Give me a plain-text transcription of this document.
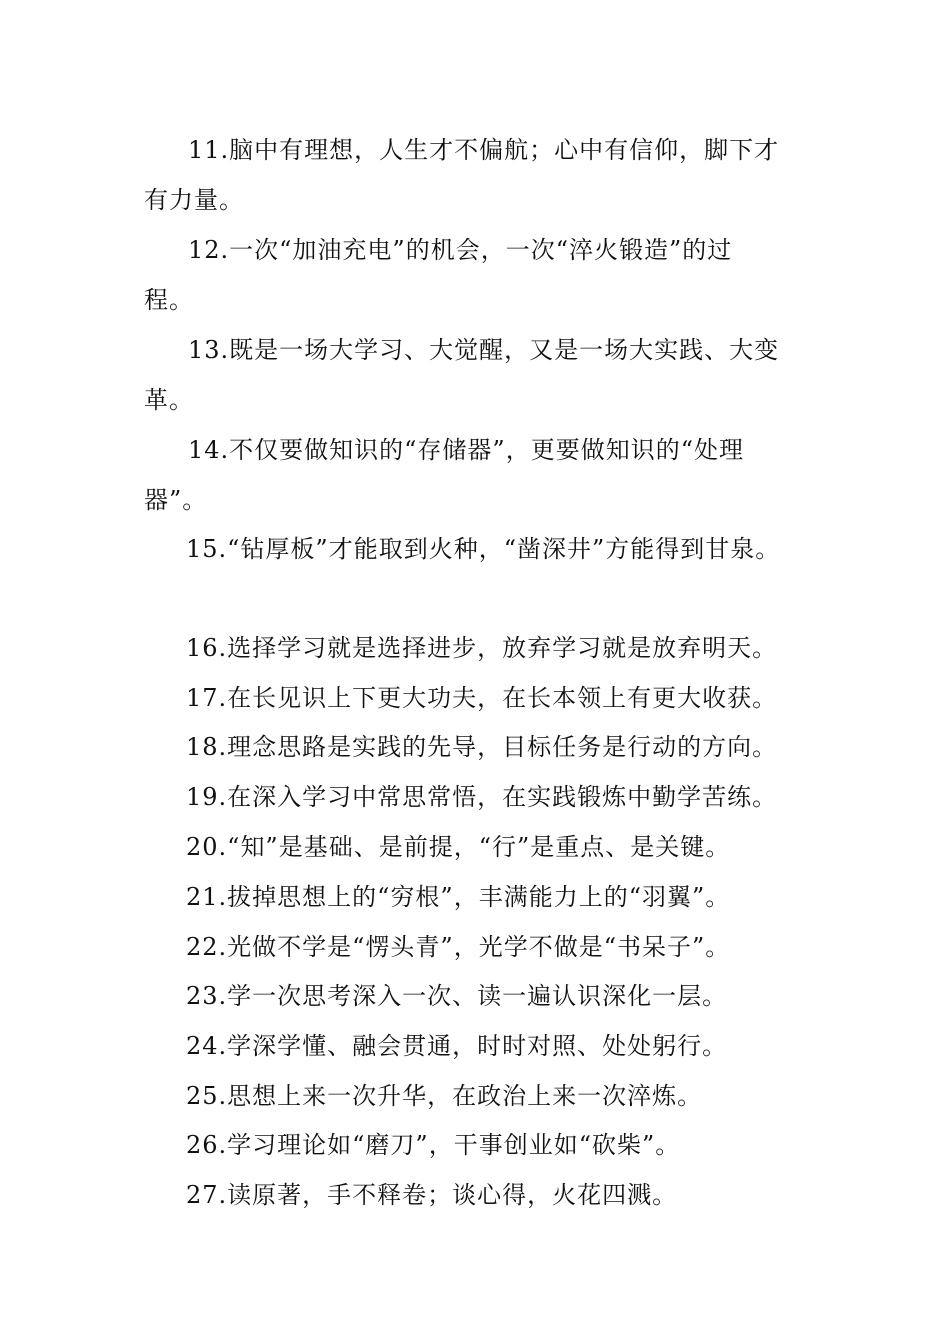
11.脑中有理想，人生才不偏航；心中有信仰，脚下才
有力量。

12.一次“加油充电”的机会，一次“淬火锻造”的过
程。

13.既是一场大学习、大觉醒，又是一场大实践、大变
革。

14.不仅要做知识的“存储器”，更要做知识的“处理
器”。

15.“钻厚板”才能取到火种，“凿深井”方能得到甘泉。

16.选择学习就是选择进步，放弃学习就是放弃明天。

17.在长见识上下更大功夫，在长本领上有更大收获。

18.理念思路是实践的先导，目标任务是行动的方向。

19.在深入学习中常思常悟，在实践锻炼中勤学苦练。

20.“知”是基础、是前提，“行”是重点、是关键。

21.拔掉思想上的“穷根”，丰满能力上的“羽翼”。

22.光做不学是“愣头青”，光学不做是“书呆子”。

23.学一次思考深入一次、读一遍认识深化一层。

24.学深学懂、融会贯通，时时对照、处处躬行。

25.思想上来一次升华，在政治上来一次淬炼。

26.学习理论如“磨刀”，干事创业如“砍柴”。

27.读原著，手不释卷；谈心得，火花四溅。
